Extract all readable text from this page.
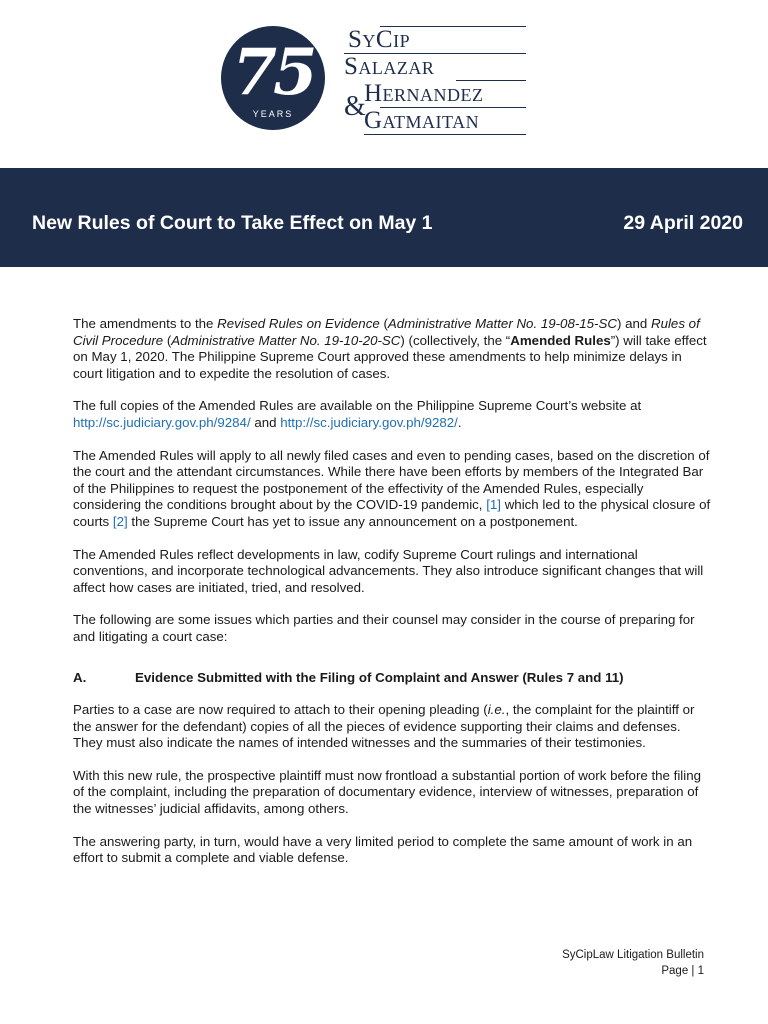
75
YEARS
SyCip
Salazar
&
Hernandez
Gatmaitan
New Rules of Court to Take Effect on May 1	29 April 2020

The amendments to the Revised Rules on Evidence (Administrative Matter No. 19-08-15-SC) and Rules of Civil Procedure (Administrative Matter No. 19-10-20-SC) (collectively, the “Amended Rules”) will take effect on May 1, 2020. The Philippine Supreme Court approved these amendments to help minimize delays in court litigation and to expedite the resolution of cases.

The full copies of the Amended Rules are available on the Philippine Supreme Court’s website at http://sc.judiciary.gov.ph/9284/ and http://sc.judiciary.gov.ph/9282/.

The Amended Rules will apply to all newly filed cases and even to pending cases, based on the discretion of the court and the attendant circumstances. While there have been efforts by members of the Integrated Bar of the Philippines to request the postponement of the effectivity of the Amended Rules, especially considering the conditions brought about by the COVID-19 pandemic, [1] which led to the physical closure of courts [2] the Supreme Court has yet to issue any announcement on a postponement.

The Amended Rules reflect developments in law, codify Supreme Court rulings and international conventions, and incorporate technological advancements. They also introduce significant changes that will affect how cases are initiated, tried, and resolved.

The following are some issues which parties and their counsel may consider in the course of preparing for and litigating a court case:

A.	Evidence Submitted with the Filing of Complaint and Answer (Rules 7 and 11)

Parties to a case are now required to attach to their opening pleading (i.e., the complaint for the plaintiff or the answer for the defendant) copies of all the pieces of evidence supporting their claims and defenses. They must also indicate the names of intended witnesses and the summaries of their testimonies.

With this new rule, the prospective plaintiff must now frontload a substantial portion of work before the filing of the complaint, including the preparation of documentary evidence, interview of witnesses, preparation of the witnesses’ judicial affidavits, among others.

The answering party, in turn, would have a very limited period to complete the same amount of work in an effort to submit a complete and viable defense.

SyCipLaw Litigation Bulletin
Page | 1
